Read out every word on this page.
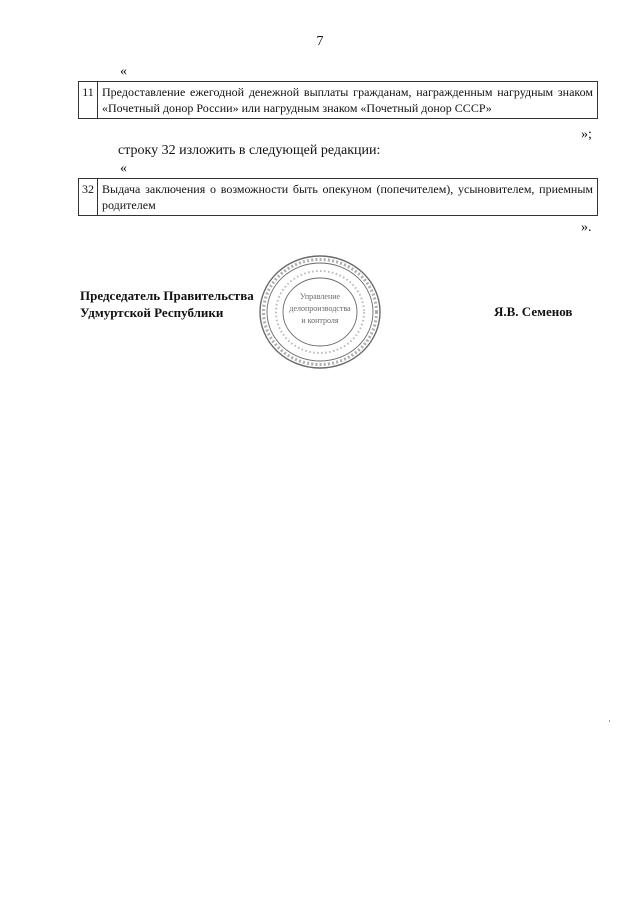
7
«
11	Предоставление ежегодной денежной выплаты гражданам, награжденным нагрудным знаком «Почетный донор России» или нагрудным знаком «Почетный донор СССР»
»;
строку 32 изложить в следующей редакции:
«
32	Выдача заключения о возможности быть опекуном (попечителем), усыновителем, приемным родителем
».
Управление
делопроизводства
и контроля
Председатель Правительства
Удмуртской Республики	Я.В. Семенов
